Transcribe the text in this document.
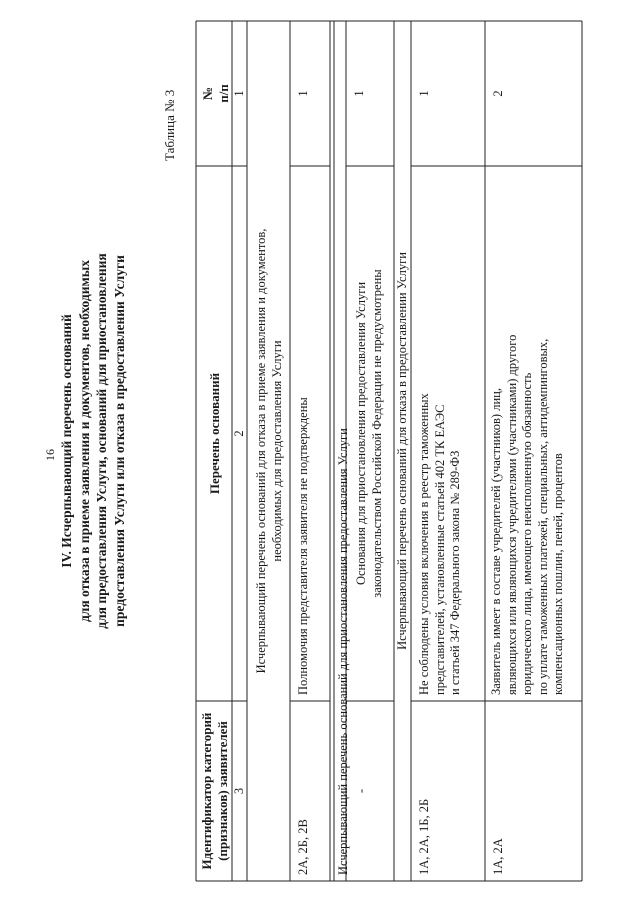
16 IV. Исчерпывающий перечень оснований для отказа в приеме заявления и документов, необходимых для предоставления Услуги, оснований для приостановления предоставления Услуги или отказа в предоставлении Услуги
Таблица № 3 № п/п
Перечень оснований
Идентификатор категорий (признаков) заявителей
1
2
3
Исчерпывающий перечень оснований для отказа в приеме заявления и документов, необходимых для предоставления Услуги
1
Полномочия представителя заявителя не подтверждены
2А, 2Б, 2В Исчерпывающий перечень оснований для приостановления предоставления Услуги
1
Основания для приостановления предоставления Услуги законодательством Российской Федерации не предусмотрены
-
Исчерпывающий перечень оснований для отказа в предоставлении Услуги
1
Не соблюдены условия включения в реестр таможенных представителей, установленные статьей 402 ТК ЕАЭС и статьей 347 Федерального закона № 289-ФЗ
1А, 2А, 1Б, 2Б
2
Заявитель имеет в составе учредителей (участников) лиц, являющихся или являющихся учредителями (участниками) другого юридического лица, имеющего неисполненную обязанность по уплате таможенных платежей, специальных, антидемпинговых, компенсационных пошлин, пеней, процентов
1А, 2А
